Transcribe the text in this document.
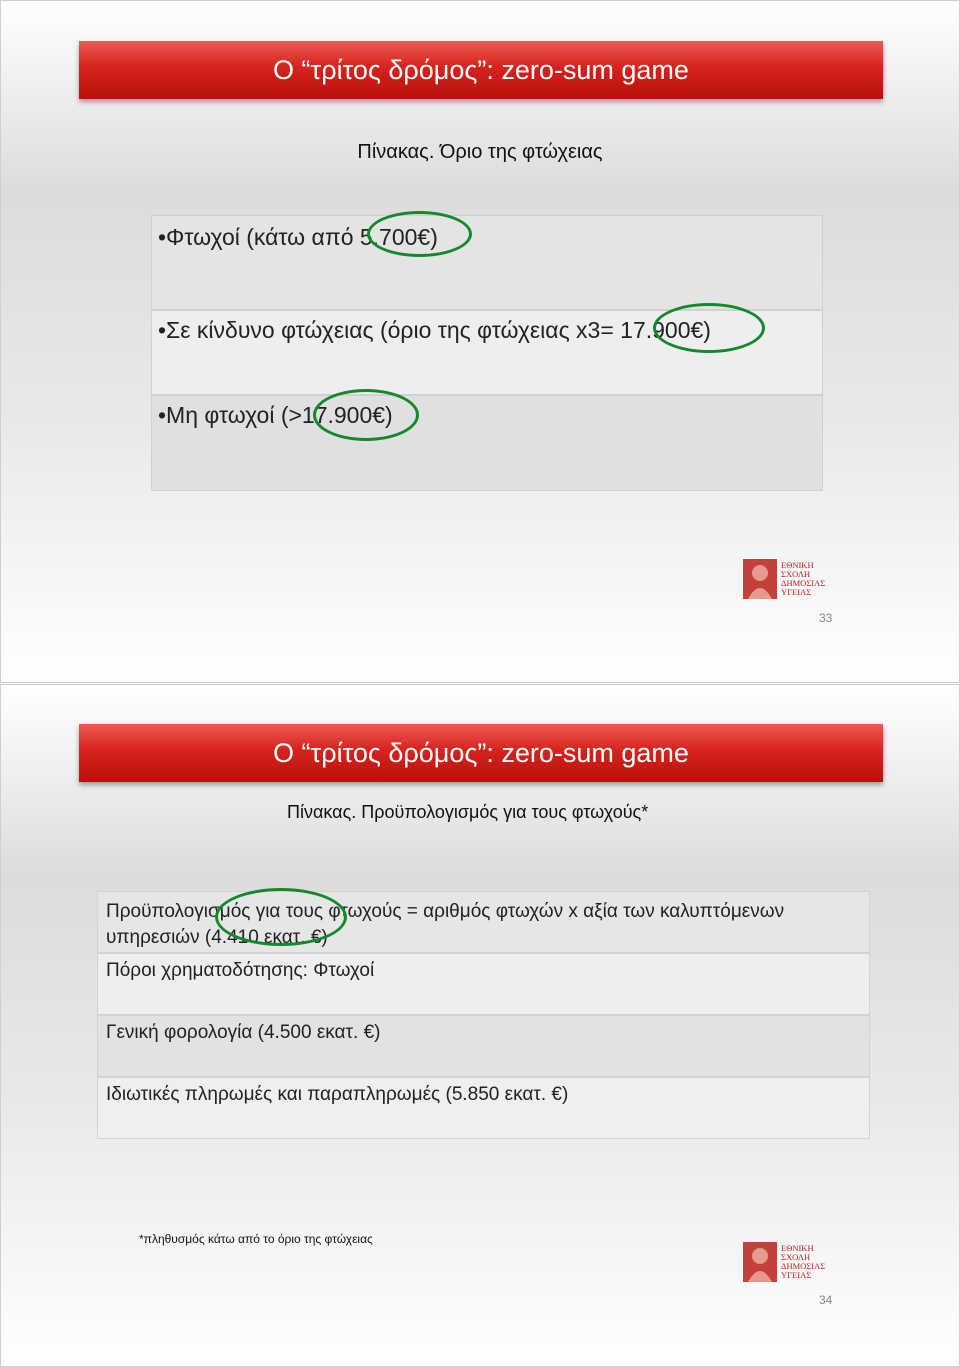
Ο “τρίτος δρόμος”: zero-sum game
Πίνακας. Όριο της φτώχειας
•Φτωχοί (κάτω από 5.700€)
•Σε κίνδυνο φτώχειας (όριο της φτώχειας x3= 17.900€)
•Μη φτωχοί (>17.900€)
ΕΘΝΙΚΗ
ΣΧΟΛΗ
ΔΗΜΟΣΙΑΣ
ΥΓΕΙΑΣ
33
Ο “τρίτος δρόμος”: zero-sum game
Πίνακας. Προϋπολογισμός για τους φτωχούς*
Προϋπολογισμός για τους φτωχούς = αριθμός φτωχών x αξία των καλυπτόμενων
υπηρεσιών (4.410 εκατ. €)
Πόροι χρηματοδότησης: Φτωχοί
Γενική φορολογία (4.500 εκατ. €)
Ιδιωτικές πληρωμές και παραπληρωμές (5.850 εκατ. €)
*πληθυσμός κάτω από το όριο της φτώχειας
ΕΘΝΙΚΗ
ΣΧΟΛΗ
ΔΗΜΟΣΙΑΣ
ΥΓΕΙΑΣ
34
